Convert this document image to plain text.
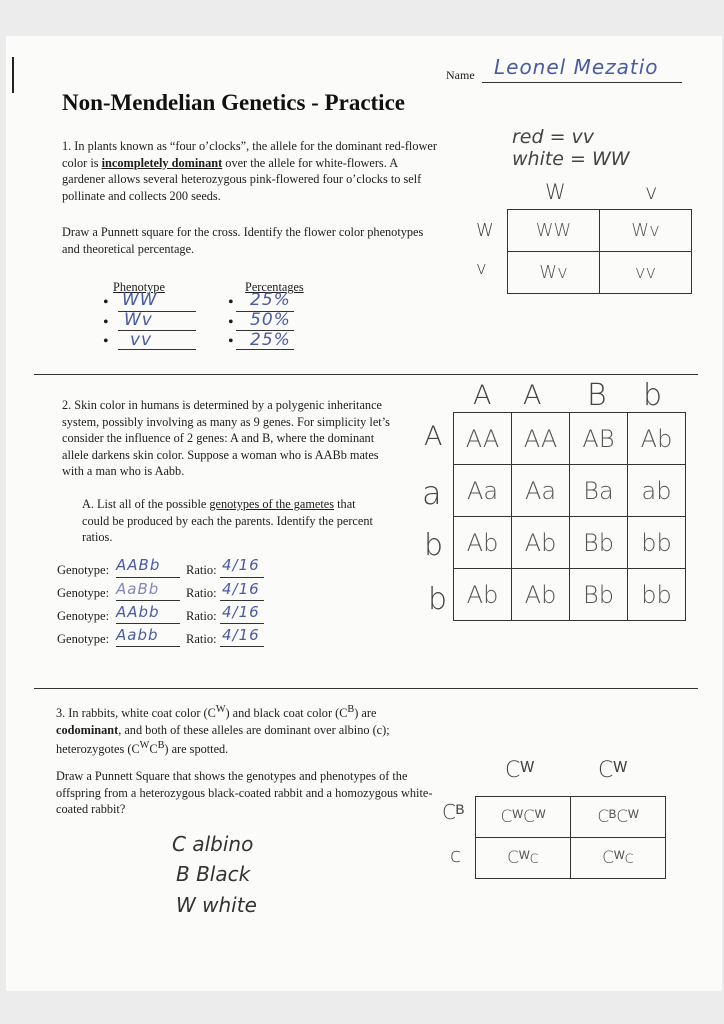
Name Leonel Mezatio
Non-Mendelian Genetics - Practice
1. In plants known as “four o’clocks”, the allele for the dominant red-flower color is incompletely dominant over the allele for white-flowers. A gardener allows several heterozygous pink-flowered four o’clocks to self pollinate and collects 200 seeds.
Draw a Punnett square for the cross. Identify the flower color phenotypes and theoretical percentage.
Phenotype	Percentages
• WW	• 25%
• Wv	• 50%
• vv	• 25%
red = vv
white = WW
W	v
W
v
WW	Wv
Wv	vv
2. Skin color in humans is determined by a polygenic inheritance system, possibly involving as many as 9 genes. For simplicity let’s consider the influence of 2 genes: A and B, where the dominant allele darkens skin color. Suppose a woman who is AABb mates with a man who is Aabb.
A. List all of the possible genotypes of the gametes that could be produced by each the parents. Identify the percent ratios.
Genotype: AABb Ratio: 4/16
Genotype: AaBb Ratio: 4/16
Genotype: AAbb Ratio: 4/16
Genotype: Aabb Ratio: 4/16
A A B b
A
a
b
b
AA	AA	AB	Ab
Aa	Aa	Ba	ab
Ab	Ab	Bb	bb
Ab	Ab	Bb	bb
3. In rabbits, white coat color $(C^W)$ and black coat color $(C^B)$ are codominant, and both of these alleles are dominant over albino (c); heterozygotes $(C^WC^B)$ are spotted.
Draw a Punnett Square that shows the genotypes and phenotypes of the offspring from a heterozygous black-coated rabbit and a homozygous white-coated rabbit?
C albino
B Black
W white
Cᵂ	Cᵂ
Cᴮ
c
CᵂCᵂ	CᴮCᵂ
Cᵂc	Cᵂc
